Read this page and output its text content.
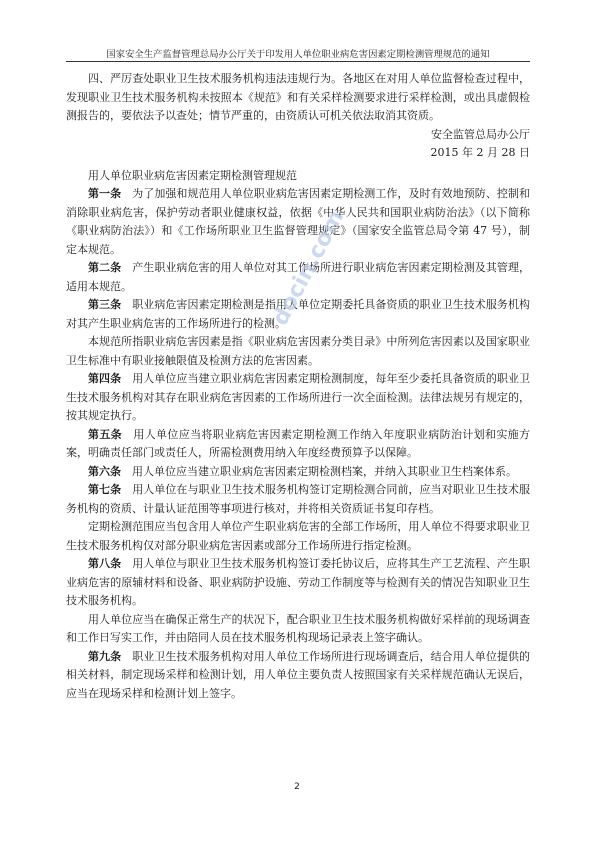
国家安全生产监督管理总局办公厅关于印发用人单位职业病危害因素定期检测管理规范的通知

四、严厉查处职业卫生技术服务机构违法违规行为。各地区在对用人单位监督检查过程中，发现职业卫生技术服务机构未按照本《规范》和有关采样检测要求进行采样检测，或出具虚假检测报告的，要依法予以查处；情节严重的，由资质认可机关依法取消其资质。

安全监管总局办公厅

2015 年 2 月 28 日

用人单位职业病危害因素定期检测管理规范

第一条　 为了加强和规范用人单位职业病危害因素定期检测工作，及时有效地预防、控制和消除职业病危害，保护劳动者职业健康权益，依据《中华人民共和国职业病防治法》（以下简称《职业病防治法》）和《工作场所职业卫生监督管理规定》（国家安全监管总局令第 47 号），制定本规范。

第二条　 产生职业病危害的用人单位对其工作场所进行职业病危害因素定期检测及其管理，适用本规范。

第三条　 职业病危害因素定期检测是指用人单位定期委托具备资质的职业卫生技术服务机构对其产生职业病危害的工作场所进行的检测。

本规范所指职业病危害因素是指《职业病危害因素分类目录》中所列危害因素以及国家职业卫生标准中有职业接触限值及检测方法的危害因素。

第四条　 用人单位应当建立职业病危害因素定期检测制度，每年至少委托具备资质的职业卫生技术服务机构对其存在职业病危害因素的工作场所进行一次全面检测。法律法规另有规定的，按其规定执行。

第五条　 用人单位应当将职业病危害因素定期检测工作纳入年度职业病防治计划和实施方案，明确责任部门或责任人，所需检测费用纳入年度经费预算予以保障。

第六条　 用人单位应当建立职业病危害因素定期检测档案，并纳入其职业卫生档案体系。

第七条　 用人单位在与职业卫生技术服务机构签订定期检测合同前，应当对职业卫生技术服务机构的资质、计量认证范围等事项进行核对，并将相关资质证书复印存档。

定期检测范围应当包含用人单位产生职业病危害的全部工作场所，用人单位不得要求职业卫生技术服务机构仅对部分职业病危害因素或部分工作场所进行指定检测。

第八条　 用人单位与职业卫生技术服务机构签订委托协议后，应将其生产工艺流程、产生职业病危害的原辅材料和设备、职业病防护设施、劳动工作制度等与检测有关的情况告知职业卫生技术服务机构。

用人单位应当在确保正常生产的状况下，配合职业卫生技术服务机构做好采样前的现场调查和工作日写实工作，并由陪同人员在技术服务机构现场记录表上签字确认。

第九条　 职业卫生技术服务机构对用人单位工作场所进行现场调查后，结合用人单位提供的相关材料，制定现场采样和检测计划，用人单位主要负责人按照国家有关采样规范确认无误后，应当在现场采样和检测计划上签字。

docin.com
2
